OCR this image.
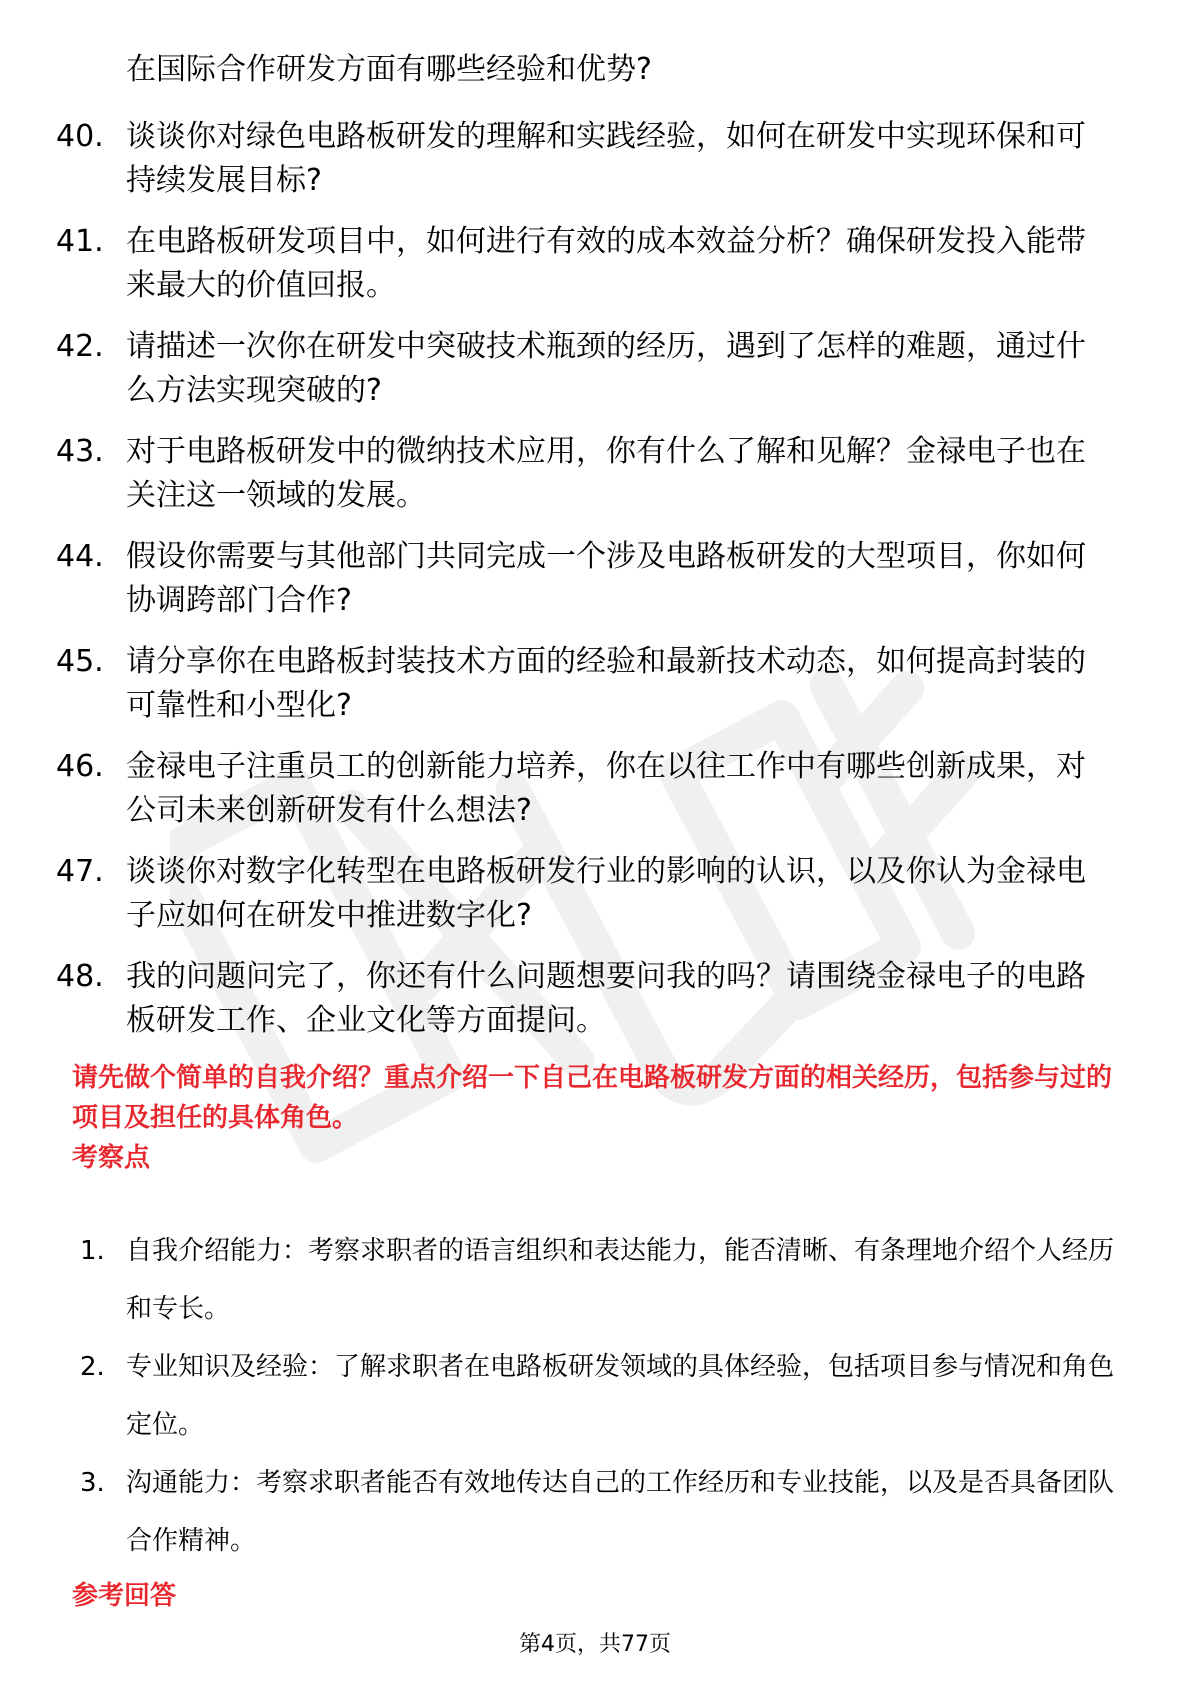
在国际合作研发方面有哪些经验和优势?
40. 谈谈你对绿色电路板研发的理解和实践经验，如何在研发中实现环保和可持续发展目标?
41. 在电路板研发项目中，如何进行有效的成本效益分析？确保研发投入能带来最大的价值回报。
42. 请描述一次你在研发中突破技术瓶颈的经历，遇到了怎样的难题，通过什么方法实现突破的?
43. 对于电路板研发中的微纳技术应用，你有什么了解和见解？金禄电子也在关注这一领域的发展。
44. 假设你需要与其他部门共同完成一个涉及电路板研发的大型项目，你如何协调跨部门合作?
45. 请分享你在电路板封装技术方面的经验和最新技术动态，如何提高封装的可靠性和小型化?
46. 金禄电子注重员工的创新能力培养，你在以往工作中有哪些创新成果，对公司未来创新研发有什么想法?
47. 谈谈你对数字化转型在电路板研发行业的影响的认识，以及你认为金禄电子应如何在研发中推进数字化?
48. 我的问题问完了，你还有什么问题想要问我的吗？请围绕金禄电子的电路板研发工作、企业文化等方面提问。
请先做个简单的自我介绍？重点介绍一下自己在电路板研发方面的相关经历，包括参与过的项目及担任的具体角色。
考察点
1. 自我介绍能力：考察求职者的语言组织和表达能力，能否清晰、有条理地介绍个人经历和专长。
2. 专业知识及经验：了解求职者在电路板研发领域的具体经验，包括项目参与情况和角色定位。
3. 沟通能力：考察求职者能否有效地传达自己的工作经历和专业技能，以及是否具备团队合作精神。
参考回答
第4页，共77页
